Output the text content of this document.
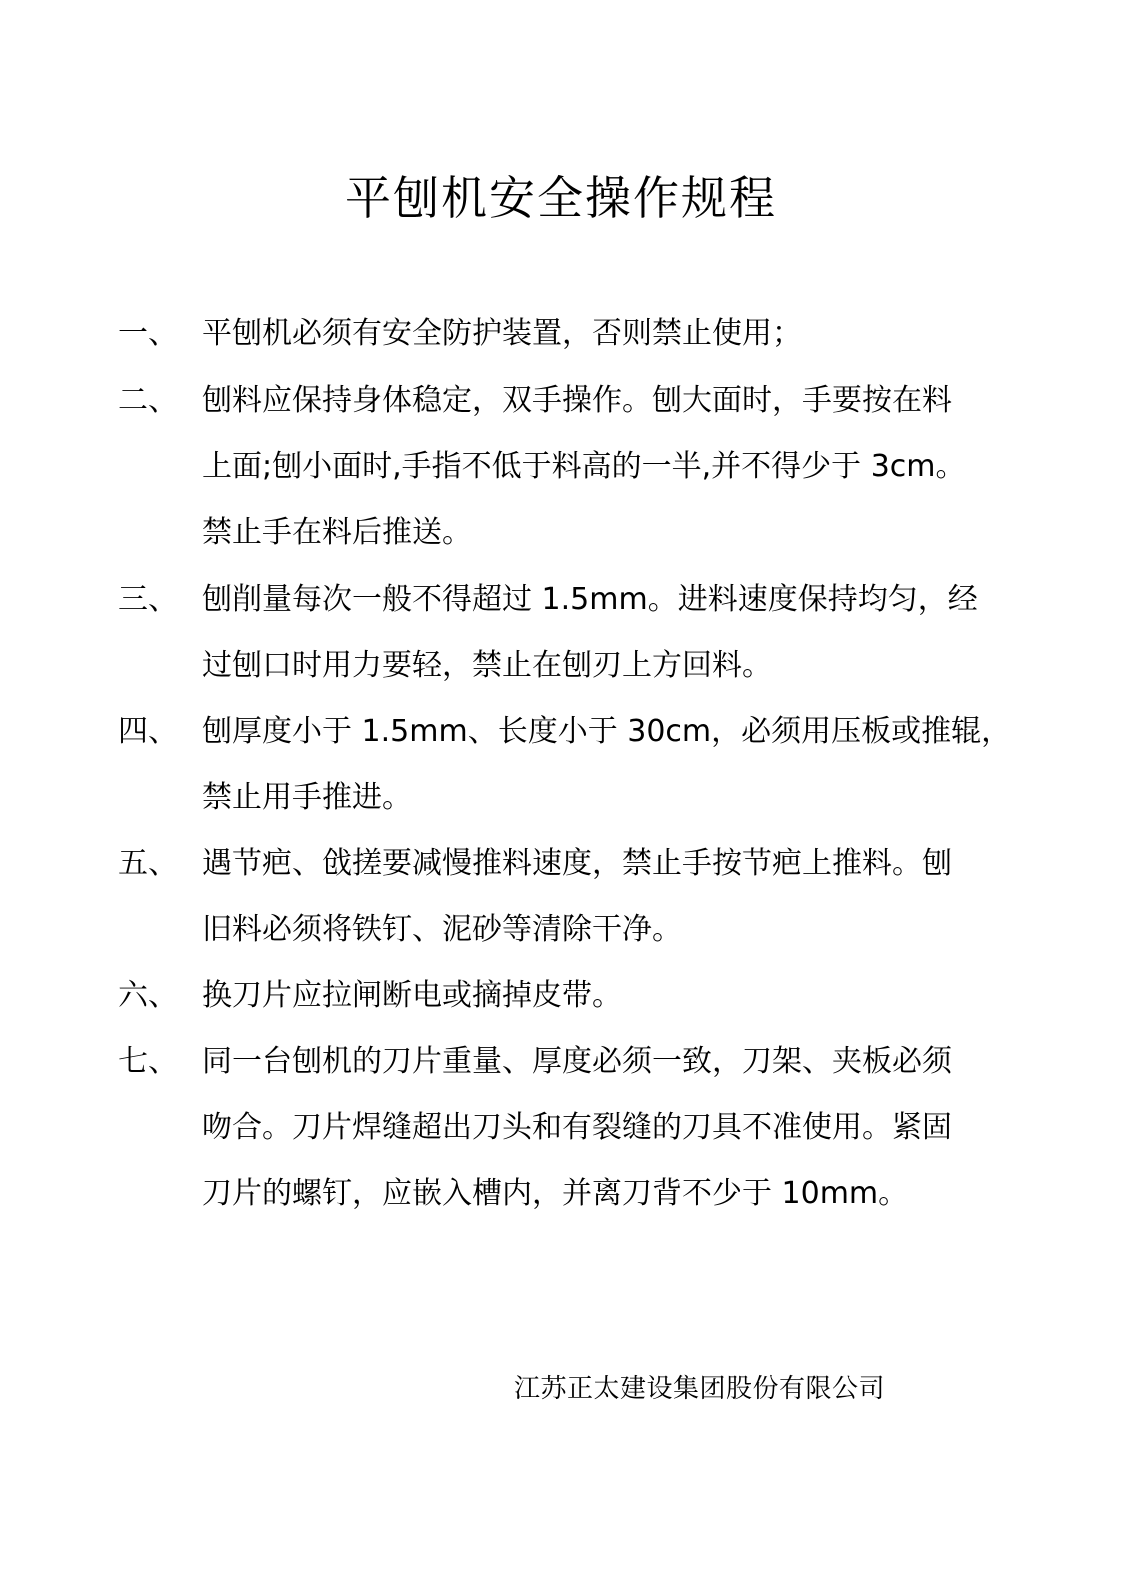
平刨机安全操作规程
一、 平刨机必须有安全防护装置，否则禁止使用；
二、 刨料应保持身体稳定，双手操作。刨大面时，手要按在料
上面;刨小面时,手指不低于料高的一半,并不得少于 3cm。
禁止手在料后推送。
三、 刨削量每次一般不得超过 1.5mm。进料速度保持均匀，经
过刨口时用力要轻，禁止在刨刃上方回料。
四、 刨厚度小于 1.5mm、长度小于 30cm，必须用压板或推辊，
禁止用手推进。
五、 遇节疤、戗搓要减慢推料速度，禁止手按节疤上推料。刨
旧料必须将铁钉、泥砂等清除干净。
六、 换刀片应拉闸断电或摘掉皮带。
七、 同一台刨机的刀片重量、厚度必须一致，刀架、夹板必须
吻合。刀片焊缝超出刀头和有裂缝的刀具不准使用。紧固
刀片的螺钉，应嵌入槽内，并离刀背不少于 10mm。
江苏正太建设集团股份有限公司
